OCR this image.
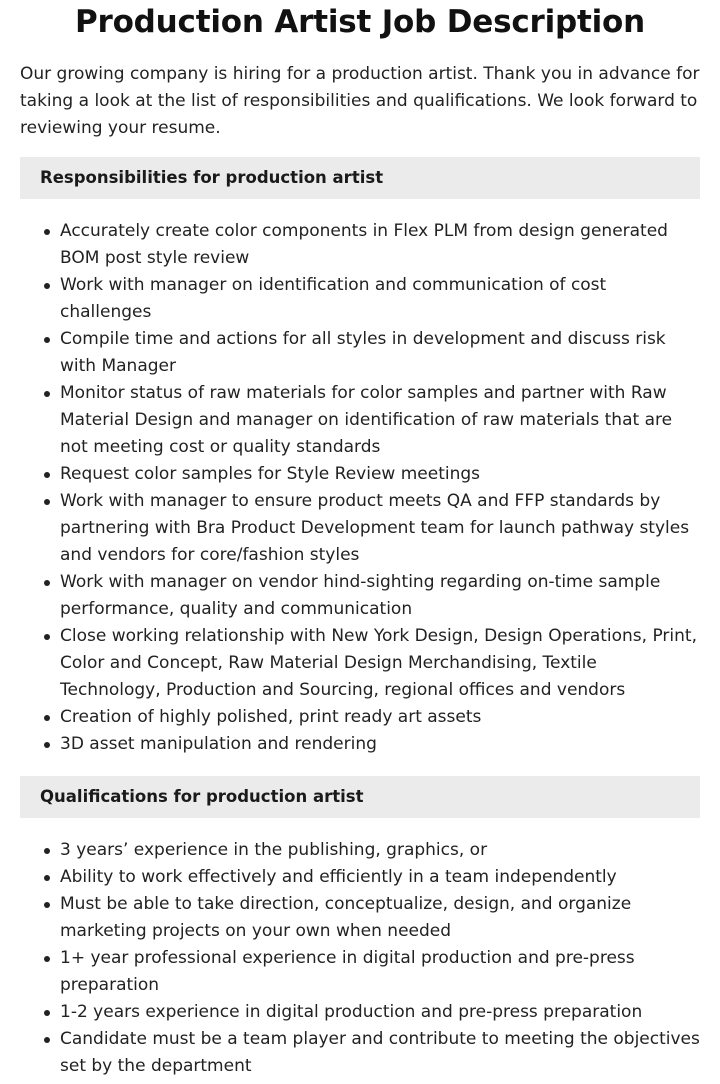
Production Artist Job Description

Our growing company is hiring for a production artist. Thank you in advance for taking a look at the list of responsibilities and qualifications. We look forward to reviewing your resume.

Responsibilities for production artist
Accurately create color components in Flex PLM from design generated BOM post style review
Work with manager on identification and communication of cost challenges
Compile time and actions for all styles in development and discuss risk with Manager
Monitor status of raw materials for color samples and partner with Raw Material Design and manager on identification of raw materials that are not meeting cost or quality standards
Request color samples for Style Review meetings
Work with manager to ensure product meets QA and FFP standards by partnering with Bra Product Development team for launch pathway styles and vendors for core/fashion styles
Work with manager on vendor hind-sighting regarding on-time sample performance, quality and communication
Close working relationship with New York Design, Design Operations, Print, Color and Concept, Raw Material Design Merchandising, Textile Technology, Production and Sourcing, regional offices and vendors
Creation of highly polished, print ready art assets
3D asset manipulation and rendering
Qualifications for production artist
3 years’ experience in the publishing, graphics, or
Ability to work effectively and efficiently in a team independently
Must be able to take direction, conceptualize, design, and organize marketing projects on your own when needed
1+ year professional experience in digital production and pre-press preparation
1-2 years experience in digital production and pre-press preparation
Candidate must be a team player and contribute to meeting the objectives set by the department
